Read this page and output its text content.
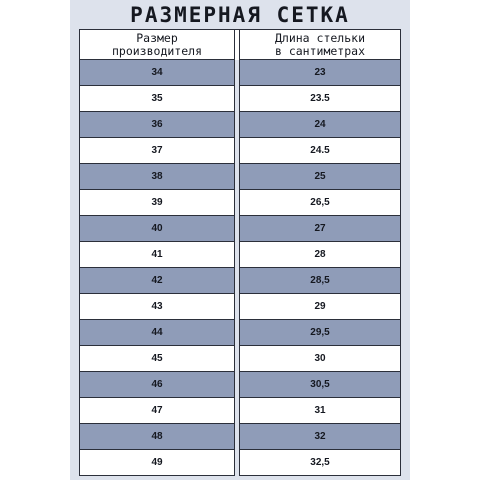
РАЗМЕРНАЯ СЕТКА
Размер
производителя
Длина стельки
в сантиметрах
34	23
35	23.5
36	24
37	24.5
38	25
39	26,5
40	27
41	28
42	28,5
43	29
44	29,5
45	30
46	30,5
47	31
48	32
49	32,5
